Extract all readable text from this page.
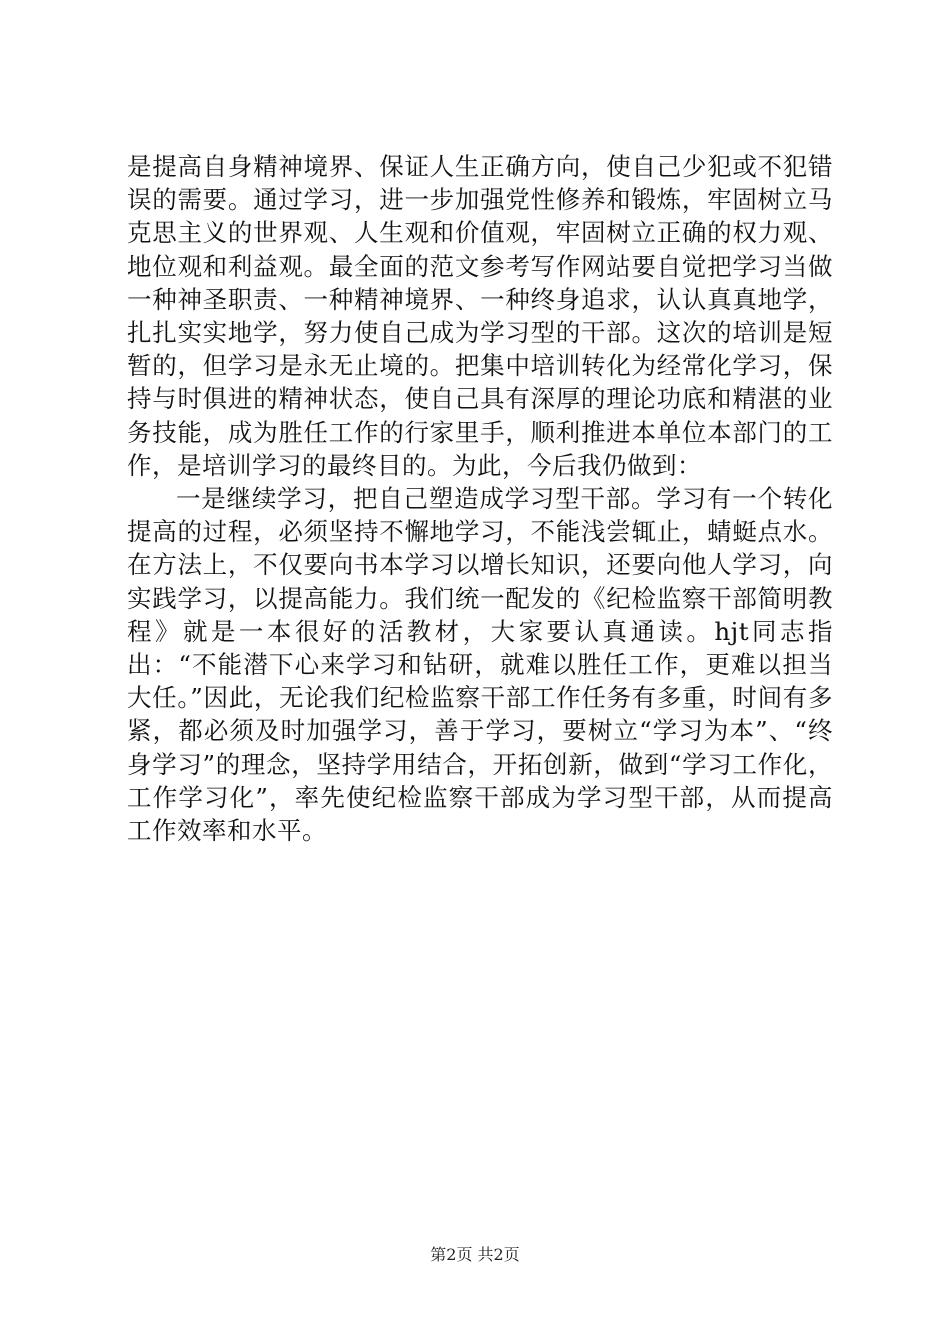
是提高自身精神境界、保证人生正确方向，使自己少犯或不犯错误的需要。通过学习，进一步加强党性修养和锻炼，牢固树立马克思主义的世界观、人生观和价值观，牢固树立正确的权力观、地位观和利益观。最全面的范文参考写作网站要自觉把学习当做一种神圣职责、一种精神境界、一种终身追求，认认真真地学，扎扎实实地学，努力使自己成为学习型的干部。这次的培训是短暂的，但学习是永无止境的。把集中培训转化为经常化学习，保持与时俱进的精神状态，使自己具有深厚的理论功底和精湛的业务技能，成为胜任工作的行家里手，顺利推进本单位本部门的工作，是培训学习的最终目的。为此，今后我仍做到：

一是继续学习，把自己塑造成学习型干部。学习有一个转化提高的过程，必须坚持不懈地学习，不能浅尝辄止，蜻蜓点水。在方法上，不仅要向书本学习以增长知识，还要向他人学习，向实践学习，以提高能力。我们统一配发的《纪检监察干部简明教程》就是一本很好的活教材，大家要认真通读。hjt同志指出：“不能潜下心来学习和钻研，就难以胜任工作，更难以担当大任。”因此，无论我们纪检监察干部工作任务有多重，时间有多紧，都必须及时加强学习，善于学习，要树立“学习为本”、“终身学习”的理念，坚持学用结合，开拓创新，做到“学习工作化，工作学习化”，率先使纪检监察干部成为学习型干部，从而提高工作效率和水平。

第2页 共2页
